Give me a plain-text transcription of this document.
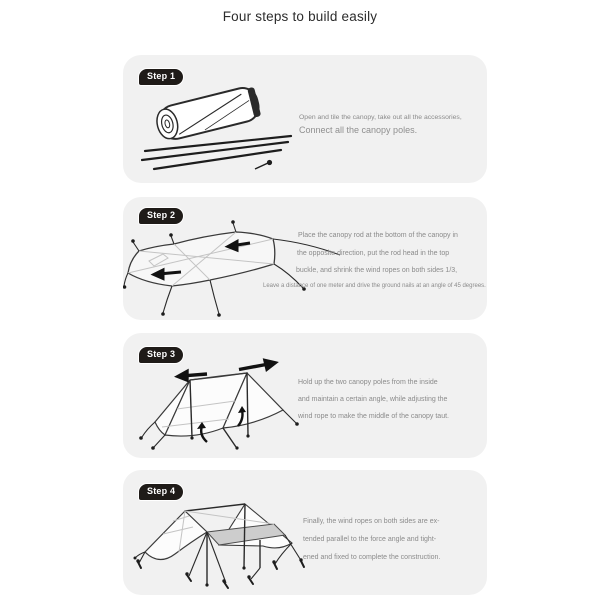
Four steps to build easily
Step 1
Open and tile the canopy, take out all the accessories,
Connect all the canopy poles.
Step 2
Place the canopy rod at the bottom of the canopy in
the opposite direction, put the rod head in the top
buckle, and shrink the wind ropes on both sides 1/3,
Leave a distance of one meter and drive the ground nails at an angle of 45 degrees.
Step 3
Hold up the two canopy poles from the inside
and maintain a certain angle, while adjusting the
wind rope to make the middle of the canopy taut.
Step 4
Finally, the wind ropes on both sides are ex-
tended parallel to the force angle and tight-
ened and fixed to complete the construction.
